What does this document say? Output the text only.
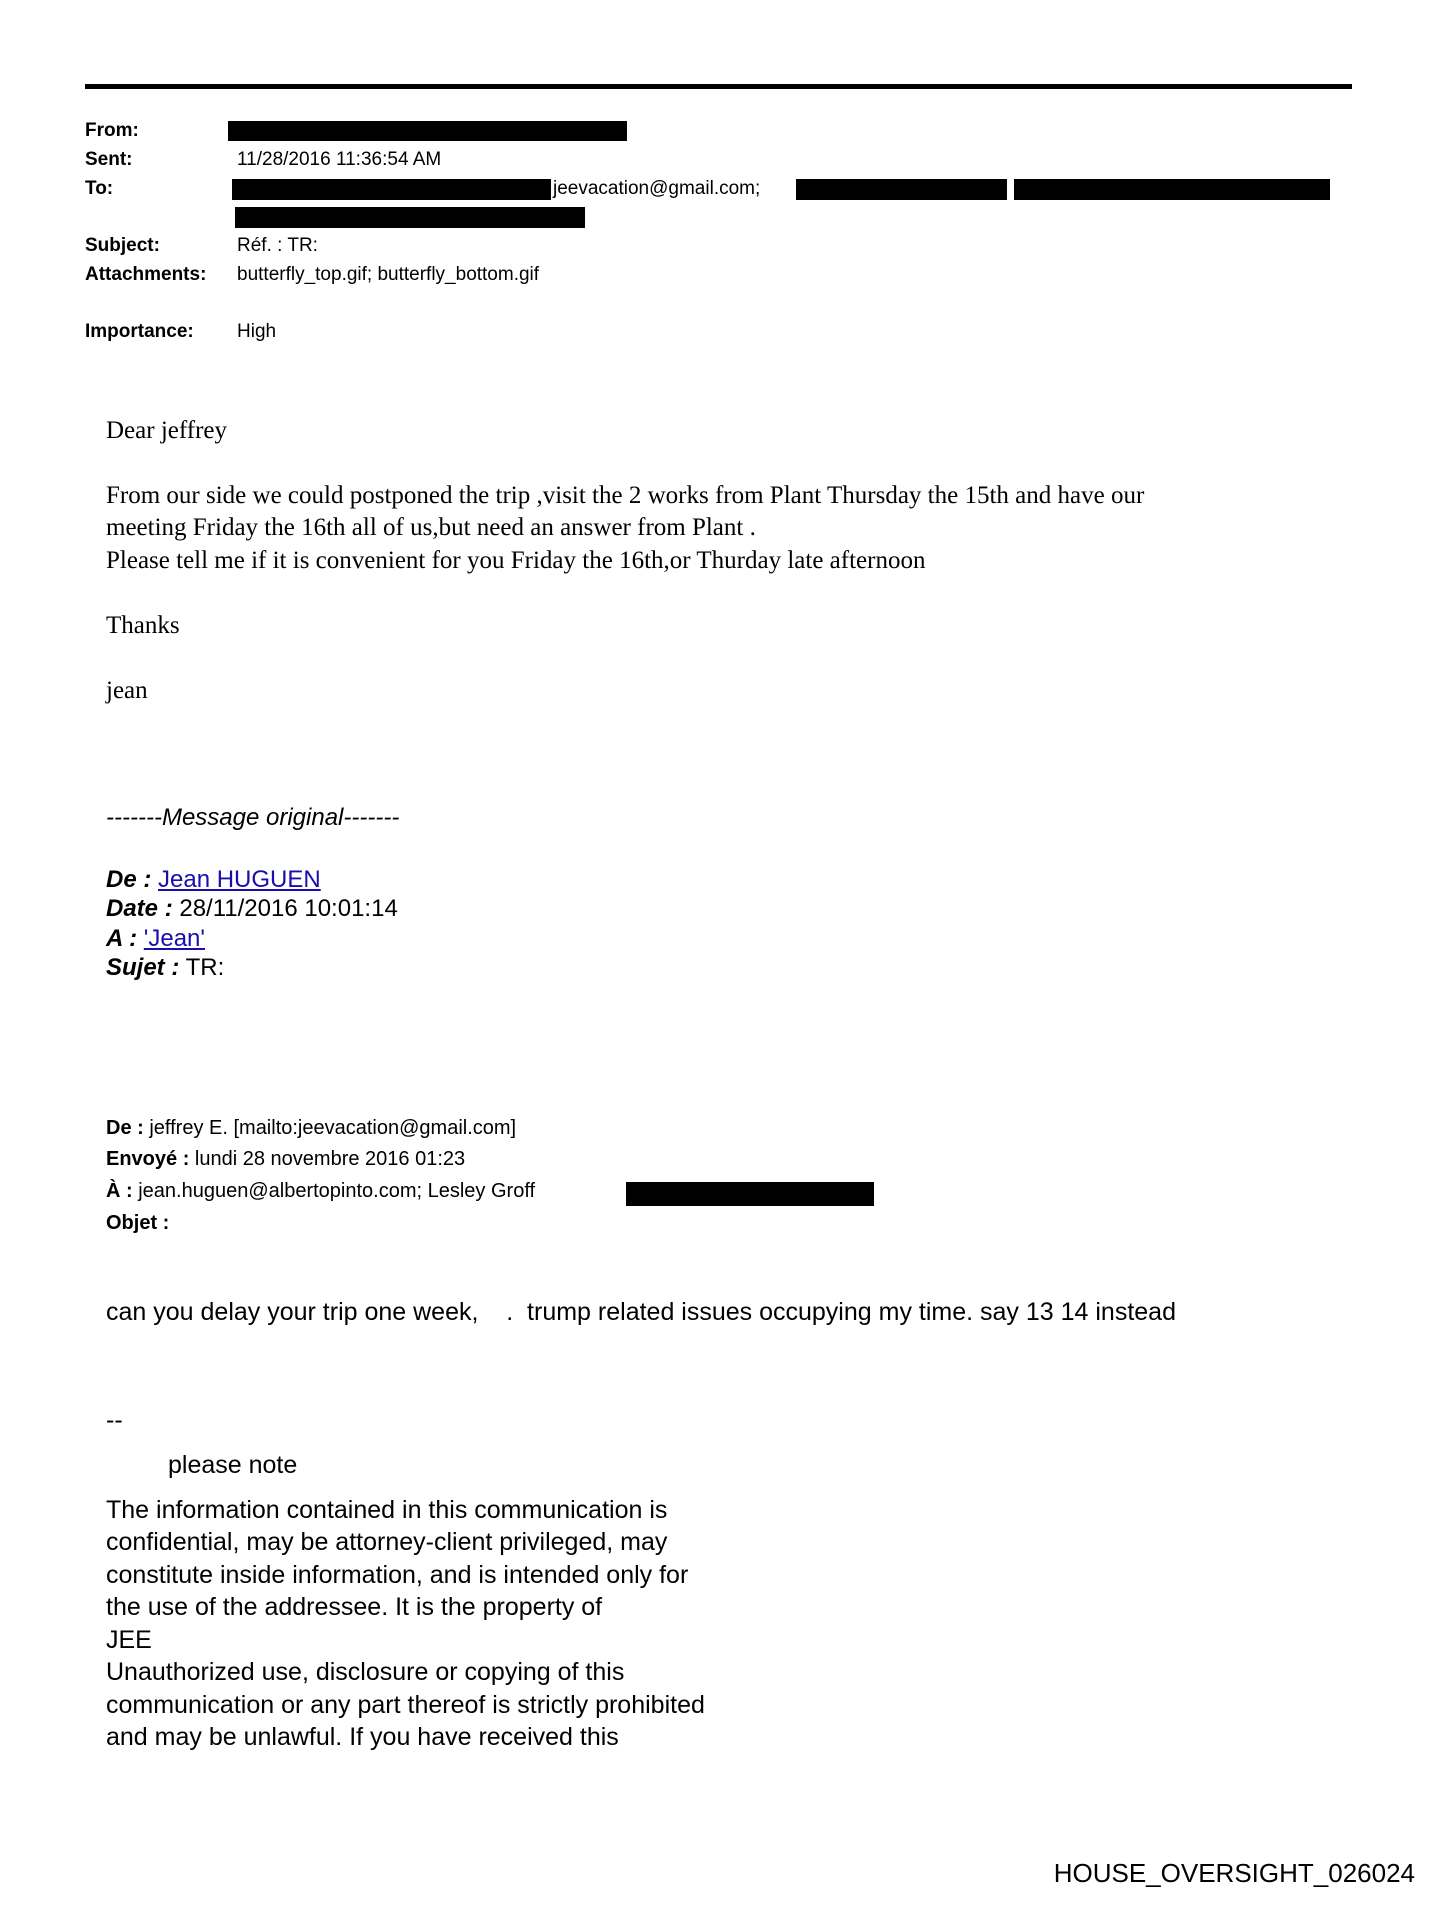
From:
Sent:	11/28/2016 11:36:54 AM
To:	jeevacation@gmail.com;
Subject:	Réf. : TR:
Attachments: butterfly_top.gif; butterfly_bottom.gif
Importance: High
Dear jeffrey
From our side we could postponed the trip ,visit the 2 works from Plant Thursday the 15th and have our
meeting Friday the 16th all of us,but need an answer from Plant .
Please tell me if it is convenient for you Friday the 16th,or Thurday late afternoon
Thanks
jean
-------Message original-------
De : Jean HUGUEN
Date : 28/11/2016 10:01:14
A : 'Jean'
Sujet : TR:
De : jeffrey E. [mailto:jeevacation@gmail.com]
Envoyé : lundi 28 novembre 2016 01:23
À : jean.huguen@albertopinto.com; Lesley Groff
Objet :
can you delay your trip one week,    .  trump related issues occupying my time. say 13 14 instead
--
please note
The information contained in this communication is
confidential, may be attorney-client privileged, may
constitute inside information, and is intended only for
the use of the addressee. It is the property of
JEE
Unauthorized use, disclosure or copying of this
communication or any part thereof is strictly prohibited
and may be unlawful. If you have received this
HOUSE_OVERSIGHT_026024
